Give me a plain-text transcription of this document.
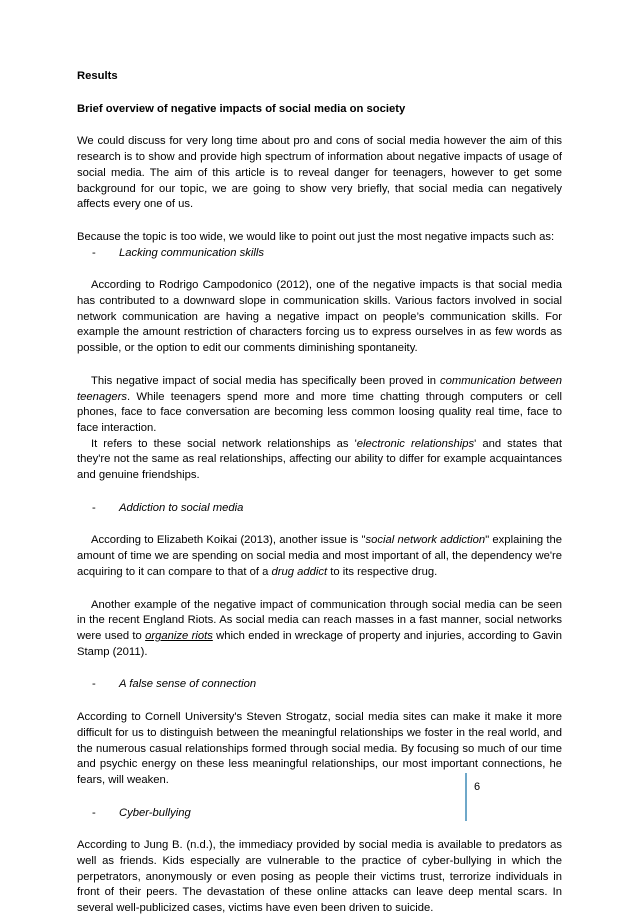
Results

Brief overview of negative impacts of social media on society

We could discuss for very long time about pro and cons of social media however the aim of this research is to show and provide high spectrum of information about negative impacts of usage of social media. The aim of this article is to reveal danger for teenagers, however to get some background for our topic, we are going to show very briefly, that social media can negatively affects every one of us.

Because the topic is too wide, we would like to point out just the most negative impacts such as:

-	Lacking communication skills

According to Rodrigo Campodonico (2012), one of the negative impacts is that social media has contributed to a downward slope in communication skills. Various factors involved in social network communication are having a negative impact on people’s communication skills. For example the amount restriction of characters forcing us to express ourselves in as few words as possible, or the option to edit our comments diminishing spontaneity.

This negative impact of social media has specifically been proved in communication between teenagers. While teenagers spend more and more time chatting through computers or cell phones, face to face conversation are becoming less common loosing quality real time, face to face interaction.

It refers to these social network relationships as 'electronic relationships' and states that they're not the same as real relationships, affecting our ability to differ for example acquaintances and genuine friendships.

-	Addiction to social media

According to Elizabeth Koikai (2013), another issue is "social network addiction" explaining the amount of time we are spending on social media and most important of all, the dependency we're acquiring to it can compare to that of a drug addict to its respective drug.

Another example of the negative impact of communication through social media can be seen in the recent England Riots. As social media can reach masses in a fast manner, social networks were used to organize riots which ended in wreckage of property and injuries, according to Gavin Stamp (2011).

-	A false sense of connection

According to Cornell University's Steven Strogatz, social media sites can make it make it more difficult for us to distinguish between the meaningful relationships we foster in the real world, and the numerous casual relationships formed through social media. By focusing so much of our time and psychic energy on these less meaningful relationships, our most important connections, he fears, will weaken.

-	Cyber-bullying

According to Jung B. (n.d.), the immediacy provided by social media is available to predators as well as friends. Kids especially are vulnerable to the practice of cyber-bullying in which the perpetrators, anonymously or even posing as people their victims trust, terrorize individuals in front of their peers. The devastation of these online attacks can leave deep mental scars. In several well-publicized cases, victims have even been driven to suicide.

6
